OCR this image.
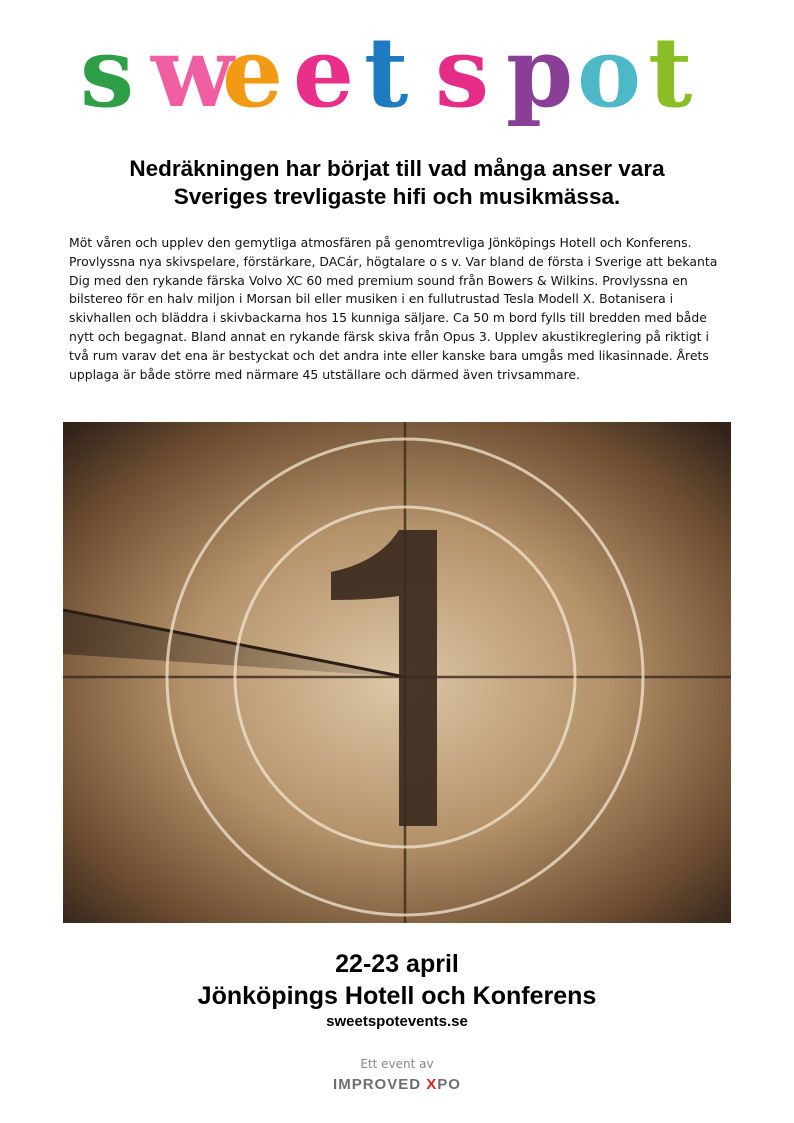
s w
e e t s p o t
Nedräkningen har börjat till vad många anser vara
Sveriges trevligaste hifi och musikmässa.

Möt våren och upplev den gemytliga atmosfären på genomtrevliga Jönköpings Hotell och Konferens. Provlyssna nya skivspelare, förstärkare, DACár, högtalare o s v. Var bland de första i Sverige att bekanta Dig med den rykande färska Volvo XC 60 med premium sound från Bowers & Wilkins. Provlyssna en bilstereo för en halv miljon i Morsan bil eller musiken i en fullutrustad Tesla Modell X. Botanisera i skivhallen och bläddra i skivbackarna hos 15 kunniga säljare. Ca 50 m bord fylls till bredden med både nytt och begagnat. Bland annat en rykande färsk skiva från Opus 3. Upplev akustikreglering på riktigt i två rum varav det ena är bestyckat och det andra inte eller kanske bara umgås med likasinnade. Årets upplaga är både större med närmare 45 utställare och därmed även trivsammare.

22-23 april
Jönköpings Hotell och Konferens
sweetspotevents.se
Ett event av
IMPROVED XPO
